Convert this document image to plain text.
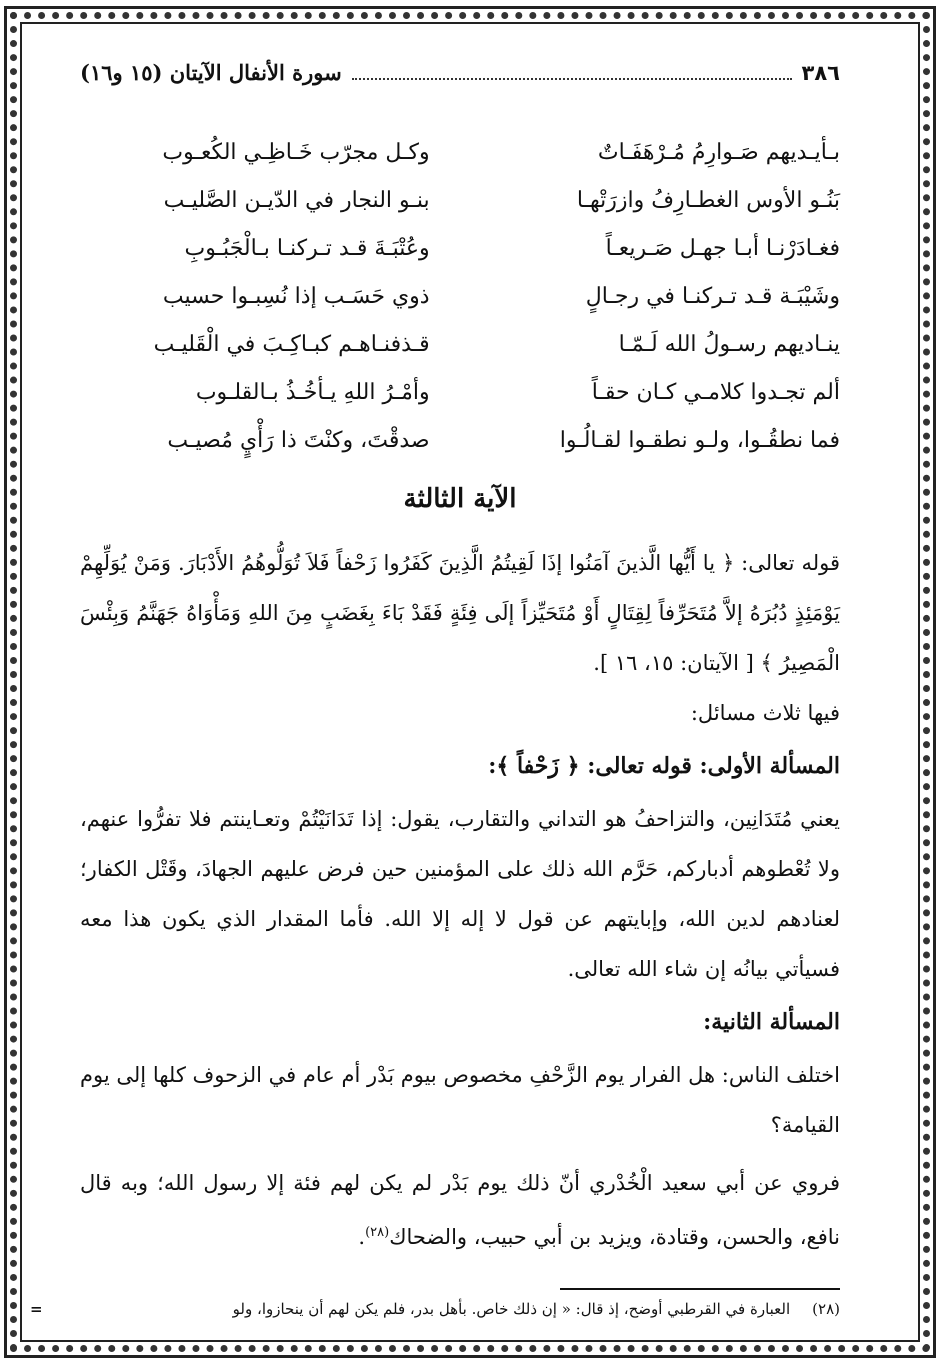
٣٨٦
سورة الأنفال الآيتان (١٥ و١٦)
بـأيـديهم صَـوارِمُ مُـرْهَفَـاتٌ
وكـل مجرّب خَـاظِـي الكُعـوب
بَنُـو الأوس الغطـارِفُ وازرَتْهـا
بنـو النجار في الدّيـن الصَّليـب
فغـادَرْنـا أبـا جهـل صَـريعـاً
وعُتْبَـةَ قـد تـركنـا بـالْجَبُـوبِ
وشَيْبَـة قـد تـركنـا في رجـالٍ
ذوي حَسَـب إذا نُسِبـوا حسيب
ينـاديهم رسـولُ الله لَـمّـا
قـذفنـاهـم كبـاكِـبَ في الْقَليـب
ألم تجـدوا كلامـي كـان حقـاً
وأمْـرُ اللهِ يـأخُـذُ بـالقلـوب
فما نطقُـوا، ولـو نطقـوا لقـالُـوا
صدقْتَ، وكنْتَ ذا رَأْيٍ مُصيـب
الآية الثالثة

قوله تعالى: ﴿ يا أَيُّها الَّذينَ آمَنُوا إذَا لَقِيتُمُ الَّذِينَ كَفَرُوا زَحْفاً فَلاَ تُوَلُّوهُمُ الأَدْبَارَ. وَمَنْ يُوَلِّهِمْ يَوْمَئِذٍ دُبُرَهُ إلاَّ مُتَحَرِّفاً لِقِتَالٍ أَوْ مُتَحَيِّزاً إلَى فِئَةٍ فَقَدْ بَاءَ بِغَضَبٍ مِنَ اللهِ وَمَأْوَاهُ جَهَنَّمُ وَبِئْسَ الْمَصِيرُ ﴾ [ الآيتان: ١٥، ١٦ ].

فيها ثلاث مسائل:

المسألة الأولى: قوله تعالى: ﴿ زَحْفاً ﴾:

يعني مُتَدَانِين، والتزاحفُ هو التداني والتقارب، يقول: إذا تَدَانَيْتُمْ وتعـاينتم فلا تفرُّوا عنهم، ولا تُعْطوهم أدباركم، حَرَّم الله ذلك على المؤمنين حين فرض عليهم الجهادَ، وقَتْل الكفار؛ لعنادهم لدين الله، وإبايتهم عن قول لا إله إلا الله. فأما المقدار الذي يكون هذا معه فسيأتي بيانُه إن شاء الله تعالى.

المسألة الثانية:

اختلف الناس: هل الفرار يوم الزَّحْفِ مخصوص بيوم بَدْر أم عام في الزحوف كلها إلى يوم القيامة؟

فروي عن أبي سعيد الْخُدْري أنّ ذلك يوم بَدْر لم يكن لهم فئة إلا رسول الله؛ وبه قال نافع، والحسن، وقتادة، ويزيد بن أبي حبيب، والضحاك$^{(٢٨)}$.

(٢٨)
العبارة في القرطبي أوضح، إذ قال: « إن ذلك خاص. بأهل بدر، فلم يكن لهم أن ينحازوا، ولو
=
